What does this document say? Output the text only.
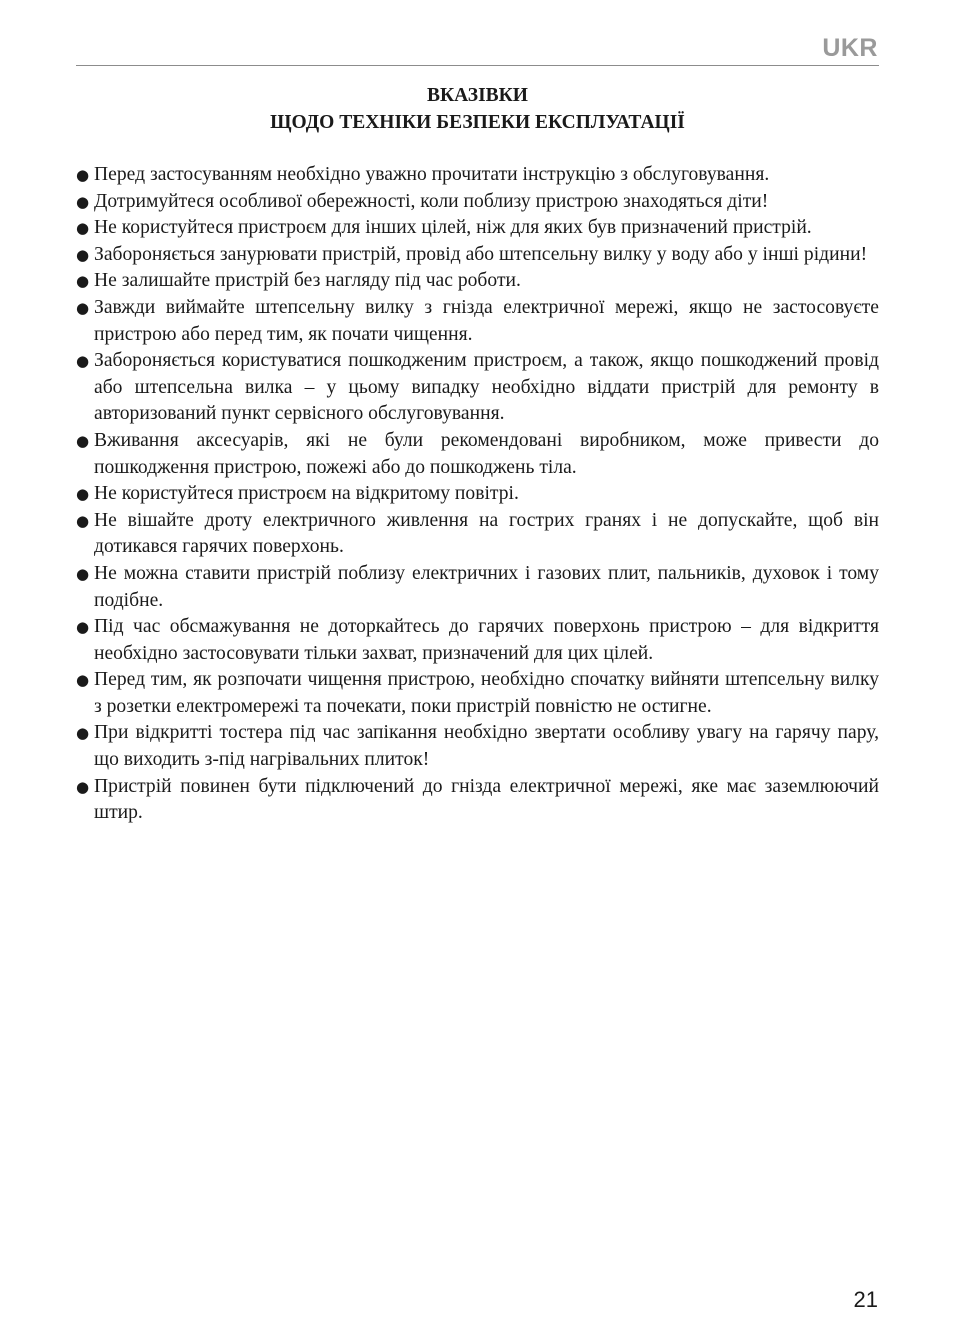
UKR
ВКАЗІВКИ
ЩОДО ТЕХНІКИ БЕЗПЕКИ ЕКСПЛУАТАЦІЇ
● Перед застосуванням необхідно уважно прочитати інструкцію з обслуговування.
● Дотримуйтеся особливої обережності, коли поблизу пристрою знаходяться діти!
● Не користуйтеся пристроєм для інших цілей, ніж для яких був призначений пристрій.
● Забороняється занурювати пристрій, провід або штепсельну вилку у воду або у інші рідини!
● Не залишайте пристрій без нагляду під час роботи.
● Завжди виймайте штепсельну вилку з гнізда електричної мережі, якщо не застосовуєте пристрою або перед тим, як почати чищення.
● Забороняється користуватися пошкодженим пристроєм, а також, якщо пошкоджений провід або штепсельна вилка – у цьому випадку необхідно віддати пристрій для ремонту в авторизований пункт сервісного обслуговування.
● Вживання аксесуарів, які не були рекомендовані виробником, може привести до пошкодження пристрою, пожежі або до пошкоджень тіла.
● Не користуйтеся пристроєм на відкритому повітрі.
● Не вішайте дроту електричного живлення на гострих гранях і не допускайте, щоб він дотикався гарячих поверхонь.
● Не можна ставити пристрій поблизу електричних і газових плит, пальників, духовок і тому подібне.
● Під час обсмажування не доторкайтесь до гарячих поверхонь пристрою – для відкриття необхідно застосовувати тільки захват, призначений для цих цілей.
● Перед тим, як розпочати чищення пристрою, необхідно спочатку вийняти штепсельну вилку з розетки електромережі та почекати, поки пристрій повністю не остигне.
● При відкритті тостера під час запікання необхідно звертати особливу увагу на гарячу пару, що виходить з-під нагрівальних плиток!
● Пристрій повинен бути підключений до гнізда електричної мережі, яке має заземлюючий штир.
21
